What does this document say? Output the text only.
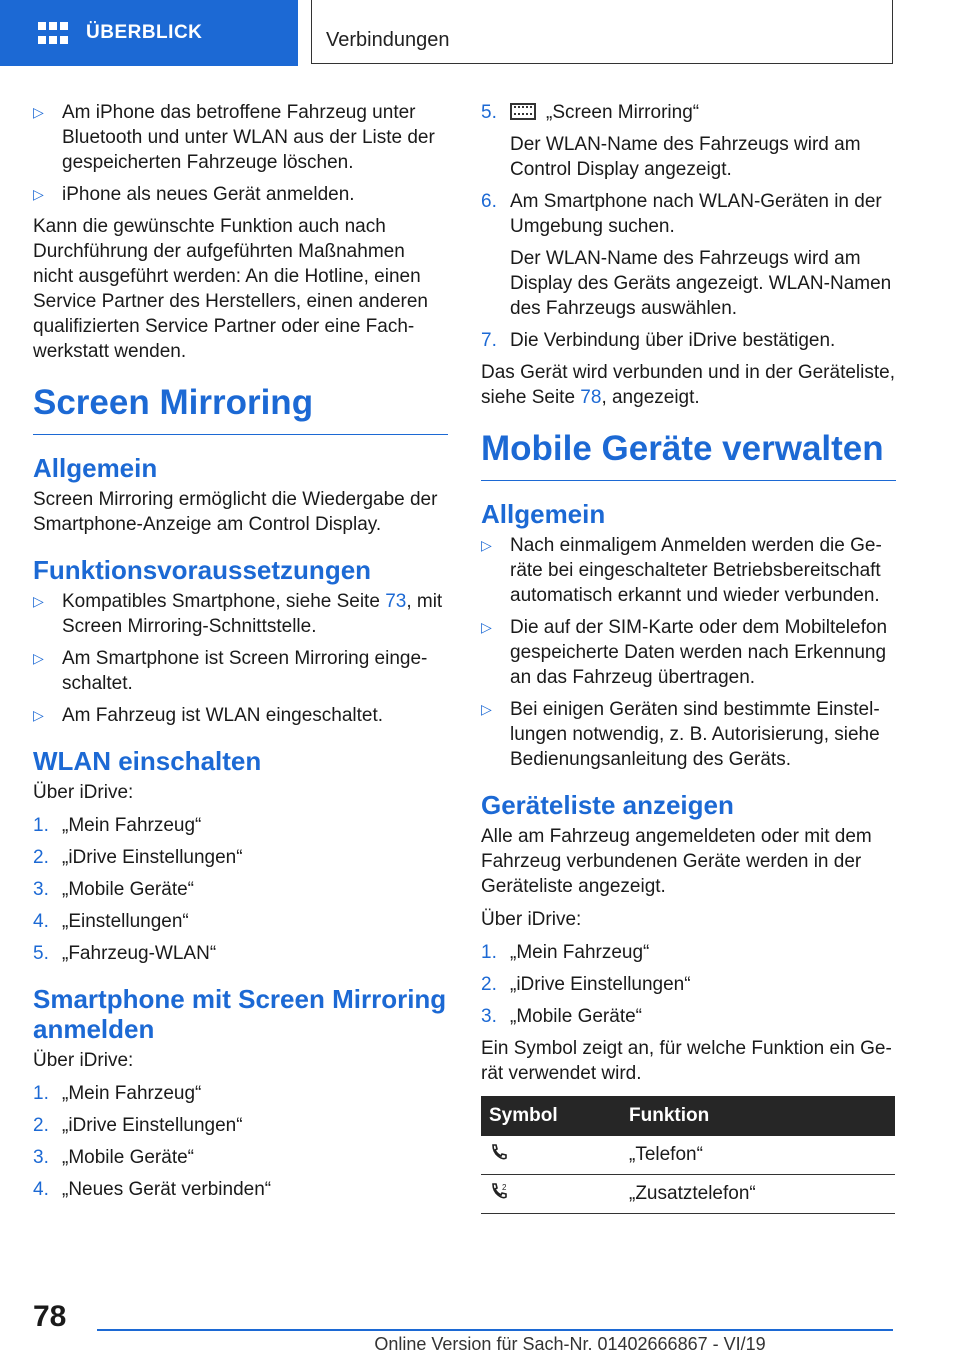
ÜBERBLICK	Verbindungen
▷ Am iPhone das betroffene Fahrzeug unter Bluetooth und unter WLAN aus der Liste der gespeicherten Fahrzeuge löschen.
▷ iPhone als neues Gerät anmelden.

Kann die gewünschte Funktion auch nach Durchführung der aufgeführten Maßnahmen nicht ausgeführt werden: An die Hotline, einen Service Partner des Herstellers, einen anderen qualifizierten Service Partner oder eine Fachwerkstatt wenden.

Screen Mirroring
Allgemein

Screen Mirroring ermöglicht die Wiedergabe der Smartphone-Anzeige am Control Display.

Funktionsvoraussetzungen
▷ Kompatibles Smartphone, siehe Seite 73, mit Screen Mirroring-Schnittstelle.
▷ Am Smartphone ist Screen Mirroring eingeschaltet.
▷ Am Fahrzeug ist WLAN eingeschaltet.
WLAN einschalten

Über iDrive:

1. „Mein Fahrzeug“
2. „iDrive Einstellungen“
3. „Mobile Geräte“
4. „Einstellungen“
5. „Fahrzeug-WLAN“
Smartphone mit Screen Mirroring anmelden

Über iDrive:

1. „Mein Fahrzeug“
2. „iDrive Einstellungen“
3. „Mobile Geräte“
4. „Neues Gerät verbinden“
5.	„Screen Mirroring“
Der WLAN-Name des Fahrzeugs wird am Control Display angezeigt.
6. Am Smartphone nach WLAN-Geräten in der Umgebung suchen.
Der WLAN-Name des Fahrzeugs wird am Display des Geräts angezeigt. WLAN-Namen des Fahrzeugs auswählen.
7. Die Verbindung über iDrive bestätigen.

Das Gerät wird verbunden und in der Geräteliste, siehe Seite 78, angezeigt.

Mobile Geräte verwalten
Allgemein
▷ Nach einmaligem Anmelden werden die Geräte bei eingeschalteter Betriebsbereitschaft automatisch erkannt und wieder verbunden.
▷ Die auf der SIM-Karte oder dem Mobiltelefon gespeicherte Daten werden nach Erkennung an das Fahrzeug übertragen.
▷ Bei einigen Geräten sind bestimmte Einstellungen notwendig, z. B. Autorisierung, siehe Bedienungsanleitung des Geräts.
Geräteliste anzeigen

Alle am Fahrzeug angemeldeten oder mit dem Fahrzeug verbundenen Geräte werden in der Geräteliste angezeigt.

Über iDrive:

1. „Mein Fahrzeug“
2. „iDrive Einstellungen“
3. „Mobile Geräte“

Ein Symbol zeigt an, für welche Funktion ein Gerät verwendet wird.

Symbol	Funktion
	„Telefon“

2	„Zusatztelefon“
78
Online Version für Sach-Nr. 01402666867 - VI/19
